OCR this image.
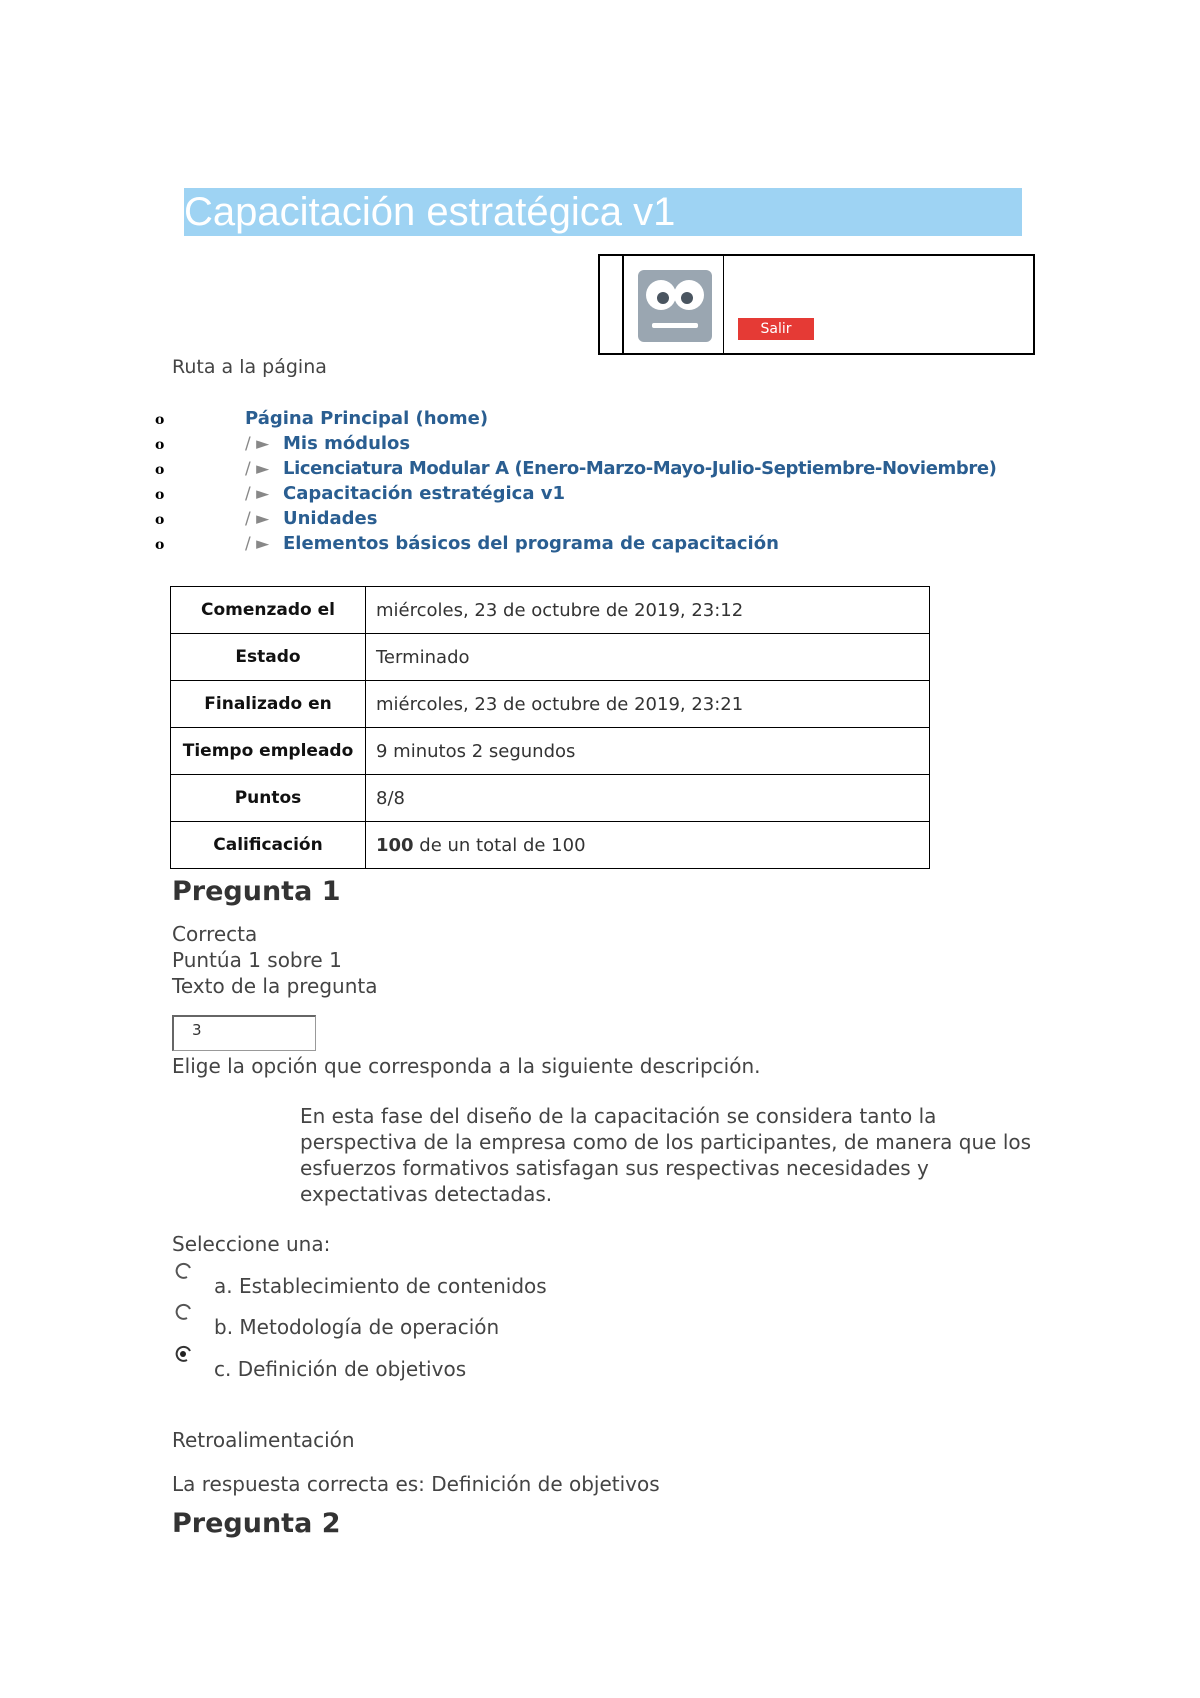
Capacitación estratégica v1
Salir
Ruta a la página
o	Página Principal (home)
o	/ ► Mis módulos
o	/ ► Licenciatura Modular A (Enero-Marzo-Mayo-Julio-Septiembre-Noviembre)
o	/ ► Capacitación estratégica v1
o	/ ► Unidades
o	/ ► Elementos básicos del programa de capacitación
Comenzado el	miércoles, 23 de octubre de 2019, 23:12
Estado	Terminado
Finalizado en	miércoles, 23 de octubre de 2019, 23:21
Tiempo empleado	9 minutos 2 segundos
Puntos	8/8
Calificación	100 de un total de 100
Pregunta 1
Correcta
Puntúa 1 sobre 1
Texto de la pregunta
3
Elige la opción que corresponda a la siguiente descripción.
En esta fase del diseño de la capacitación se considera tanto la
perspectiva de la empresa como de los participantes, de manera que los
esfuerzos formativos satisfagan sus respectivas necesidades y
expectativas detectadas.
Seleccione una:
a. Establecimiento de contenidos
b. Metodología de operación
c. Definición de objetivos
Retroalimentación
La respuesta correcta es: Definición de objetivos
Pregunta 2
